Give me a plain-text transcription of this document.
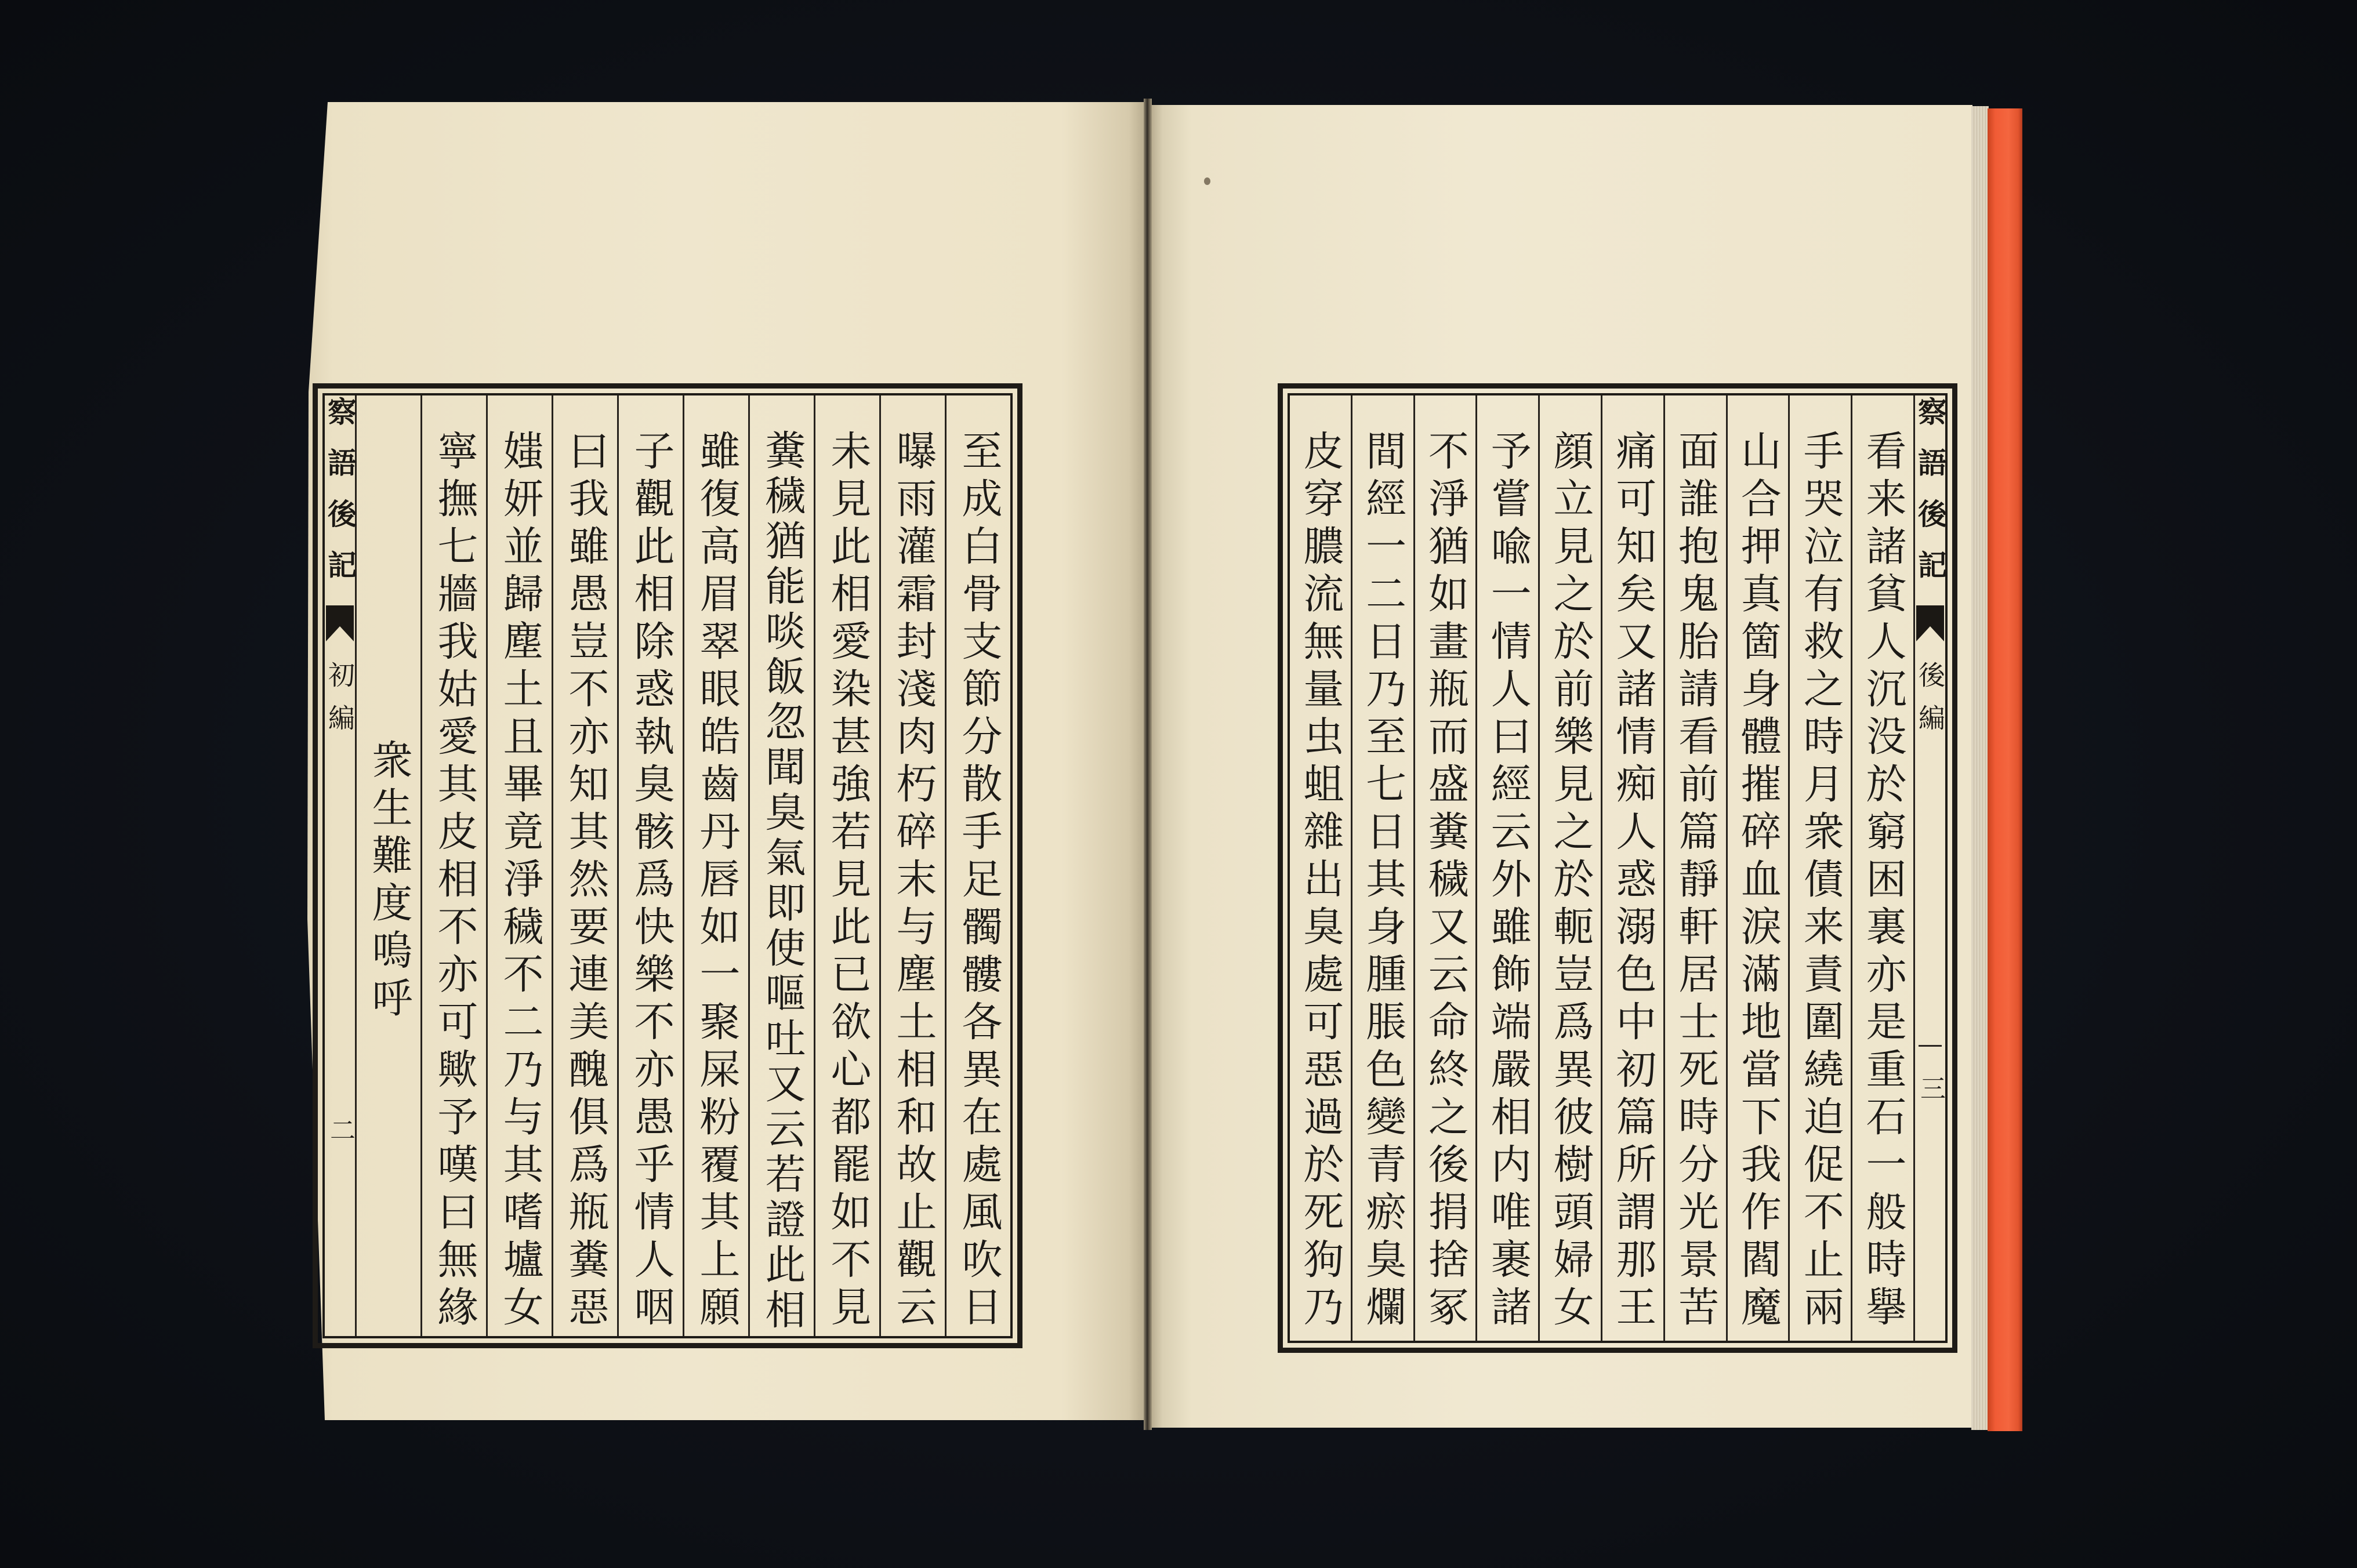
至成白骨支節分散手足髑髏各異在處風吹日
曝雨灌霜封淺肉朽碎末与塵土相和故止觀云
未見此相愛染甚強若見此已欲心都罷如不見
糞穢猶能啖飯忽聞臭氣即使嘔吐又云若證此相
雖復高眉翠眼皓齒丹唇如一聚屎粉覆其上願
子觀此相除惑執臭骸爲快樂不亦愚乎情人咽
曰我雖愚豈不亦知其然要連美醜俱爲瓶糞惡
媸妍並歸塵土且畢竟淨穢不二乃与其嗜壚女
寧撫七牆我姑愛其皮相不亦可歟予嘆曰無緣
衆生難度嗚呼
察語後記
初編
二
察語後記
後編
三
看来諸貧人沉没於窮困裏亦是重石一般時擧
手哭泣有救之時月衆債来責圍繞迫促不止兩
山合押真箇身體摧碎血淚滿地當下我作閻魔
面誰抱鬼胎請看前篇靜軒居士死時分光景苦
痛可知矣又諸情痴人惑溺色中初篇所謂那王
顔立見之於前樂見之於軛豈爲異彼樹頭婦女
予嘗喩一情人曰經云外雖飾端嚴相内唯裹諸
不淨猶如畫瓶而盛糞穢又云命終之後捐捨冢
間經一二日乃至七日其身腫脹色變青瘀臭爛
皮穿膿流無量虫蛆雜出臭處可惡過於死狗乃
